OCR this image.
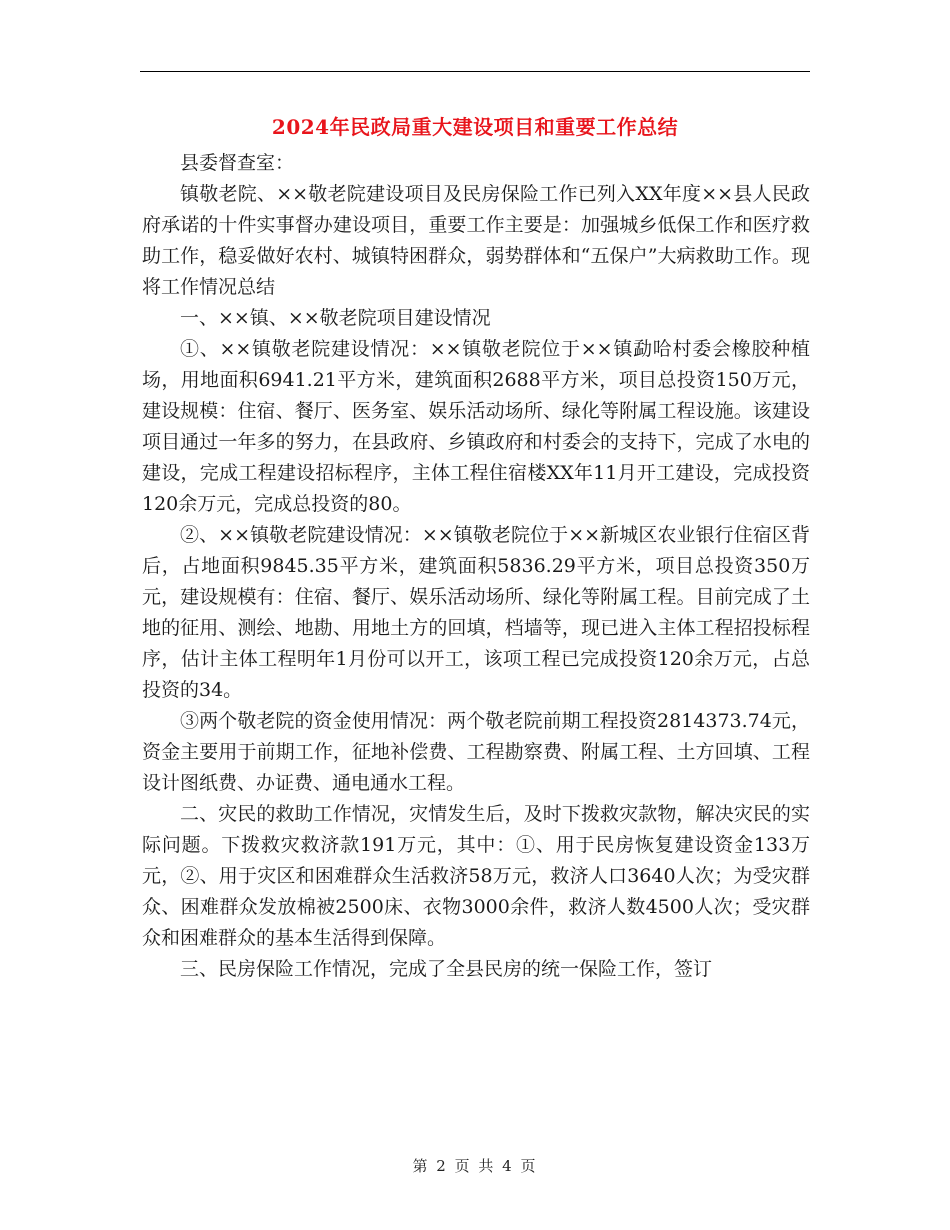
2024年民政局重大建设项目和重要工作总结

县委督查室：

镇敬老院、××敬老院建设项目及民房保险工作已列入XX年度××县人民政府承诺的十件实事督办建设项目，重要工作主要是：加强城乡低保工作和医疗救助工作，稳妥做好农村、城镇特困群众，弱势群体和“五保户”大病救助工作。现将工作情况总结

一、××镇、××敬老院项目建设情况

①、××镇敬老院建设情况：××镇敬老院位于××镇勐哈村委会橡胶种植场，用地面积6941.21平方米，建筑面积2688平方米，项目总投资150万元，建设规模：住宿、餐厅、医务室、娱乐活动场所、绿化等附属工程设施。该建设项目通过一年多的努力，在县政府、乡镇政府和村委会的支持下，完成了水电的建设，完成工程建设招标程序，主体工程住宿楼XX年11月开工建设，完成投资120余万元，完成总投资的80。

②、××镇敬老院建设情况：××镇敬老院位于××新城区农业银行住宿区背后，占地面积9845.35平方米，建筑面积5836.29平方米，项目总投资350万元，建设规模有：住宿、餐厅、娱乐活动场所、绿化等附属工程。目前完成了土地的征用、测绘、地勘、用地土方的回填，档墙等，现已进入主体工程招投标程序，估计主体工程明年1月份可以开工，该项工程已完成投资120余万元，占总投资的34。

③两个敬老院的资金使用情况：两个敬老院前期工程投资2814373.74元，资金主要用于前期工作，征地补偿费、工程勘察费、附属工程、土方回填、工程设计图纸费、办证费、通电通水工程。

二、灾民的救助工作情况，灾情发生后，及时下拨救灾款物，解决灾民的实际问题。下拨救灾救济款191万元，其中：①、用于民房恢复建设资金133万元，②、用于灾区和困难群众生活救济58万元，救济人口3640人次；为受灾群众、困难群众发放棉被2500床、衣物3000余件，救济人数4500人次；受灾群众和困难群众的基本生活得到保障。

三、民房保险工作情况，完成了全县民房的统一保险工作，签订

第 2 页 共 4 页
